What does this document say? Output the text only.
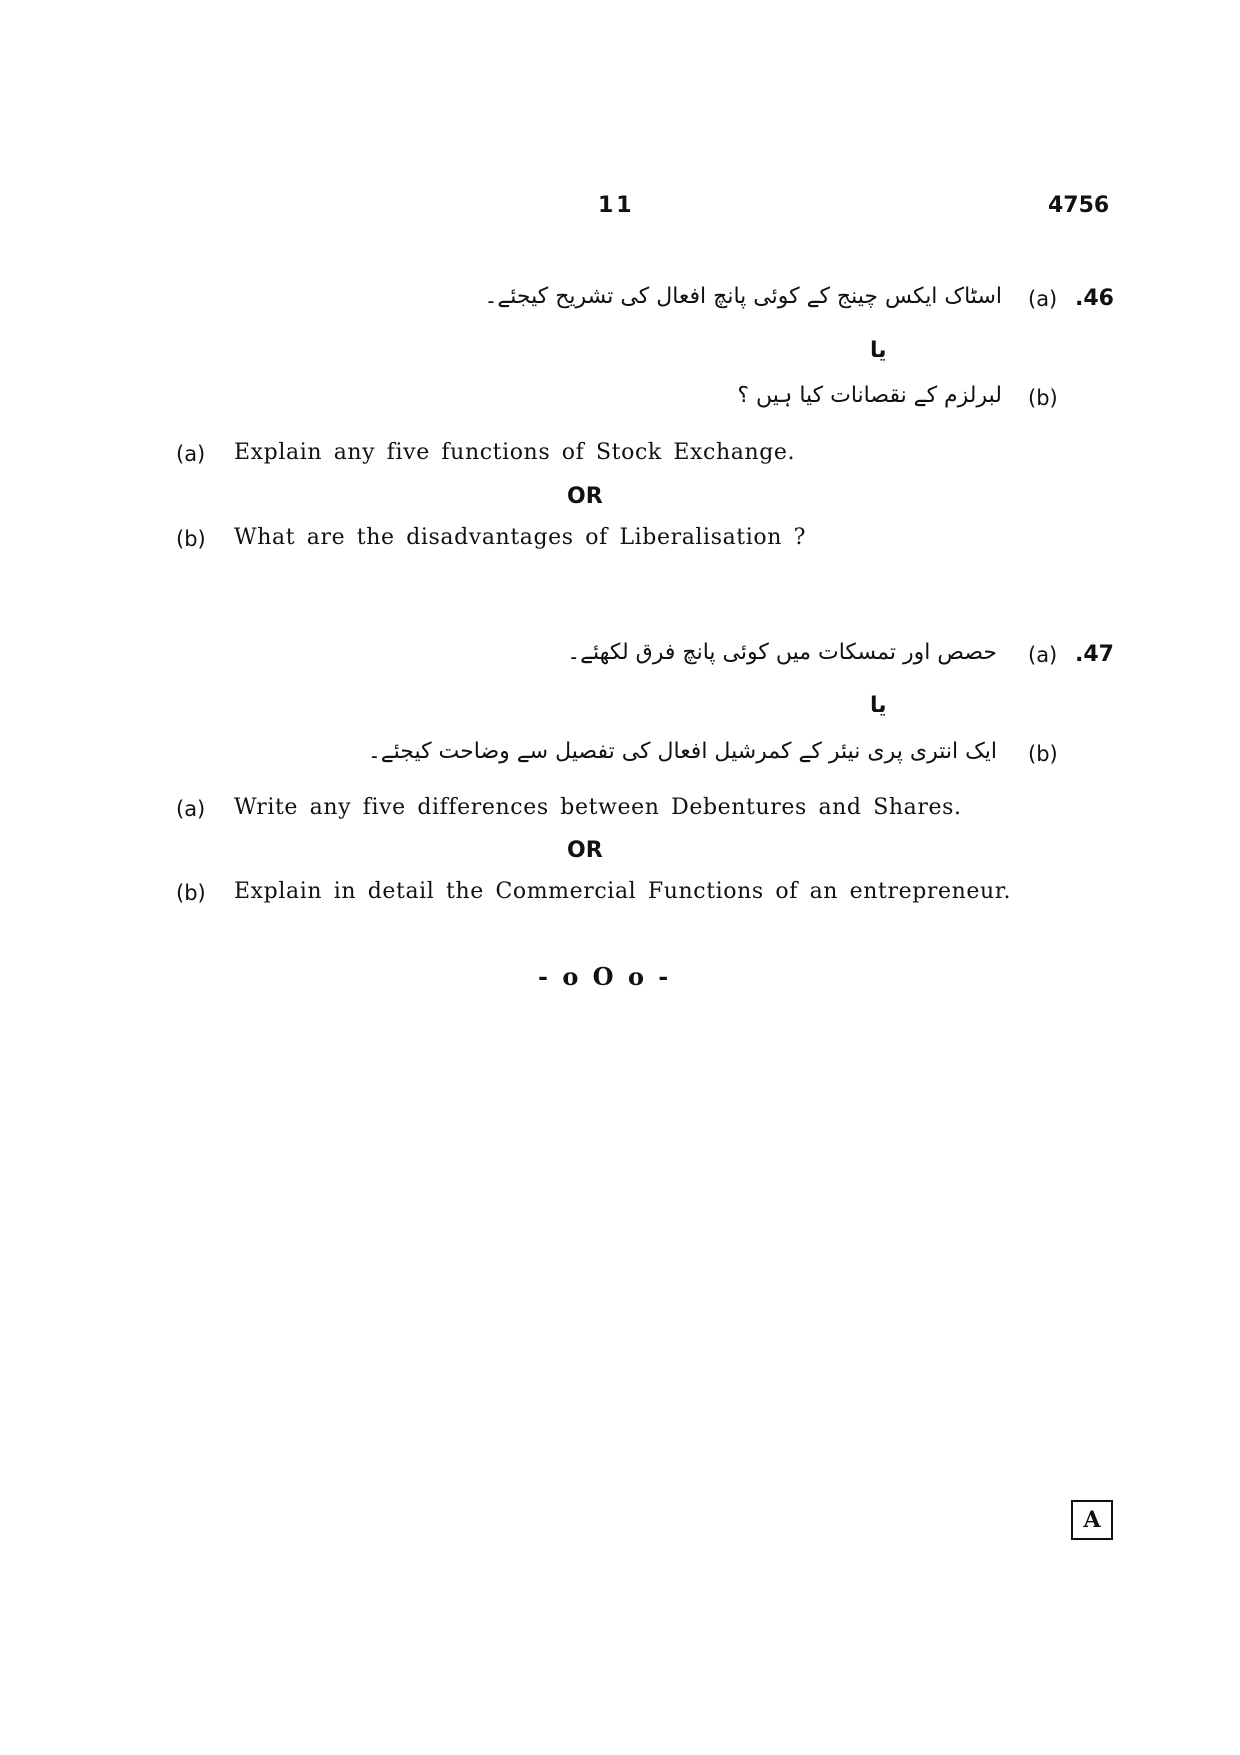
11	4756
.46
(a)
اسٹاک ایکس چینج کے کوئی پانچ افعال کی تشریح کیجئے۔
یا
(b)
لبرلزم کے نقصانات کیا ہیں ؟
(a) Explain any five functions of Stock Exchange.
OR
(b) What are the disadvantages of Liberalisation ?
.47
(a)
حصص اور تمسکات میں کوئی پانچ فرق لکھئے۔
یا
(b)
ایک انتری پری نیئر کے کمرشیل افعال کی تفصیل سے وضاحت کیجئے۔
(a) Write any five differences between Debentures and Shares.
OR
(b) Explain in detail the Commercial Functions of an entrepreneur.
- o O o -
A
